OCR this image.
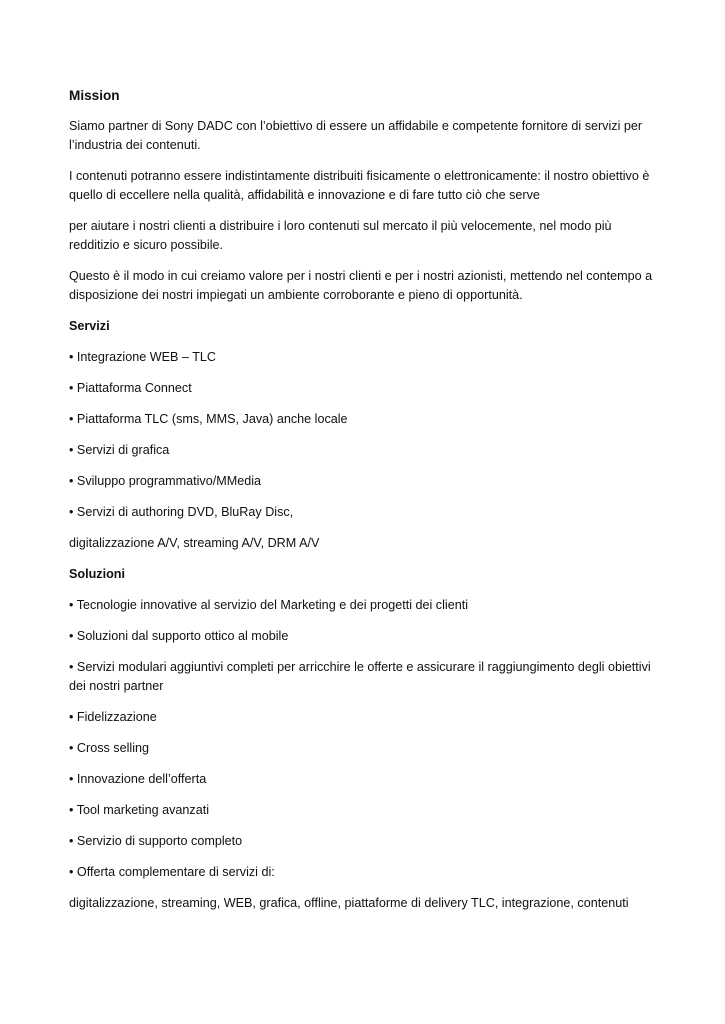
Mission

Siamo partner di Sony DADC con l’obiettivo di essere un affidabile e competente fornitore di servizi per l’industria dei contenuti.

I contenuti potranno essere indistintamente distribuiti fisicamente o elettronicamente: il nostro obiettivo è quello di eccellere nella qualità, affidabilità e innovazione e di fare tutto ciò che serve

per aiutare i nostri clienti a distribuire i loro contenuti sul mercato il più velocemente, nel modo più redditizio e sicuro possibile.

Questo è il modo in cui creiamo valore per i nostri clienti e per i nostri azionisti, mettendo nel contempo a disposizione dei nostri impiegati un ambiente corroborante e pieno di opportunità.

Servizi

• Integrazione WEB – TLC

• Piattaforma Connect

• Piattaforma TLC (sms, MMS, Java) anche locale

• Servizi di grafica

• Sviluppo programmativo/MMedia

• Servizi di authoring DVD, BluRay Disc,

digitalizzazione A/V, streaming A/V, DRM A/V

Soluzioni

• Tecnologie innovative al servizio del Marketing e dei progetti dei clienti

• Soluzioni dal supporto ottico al mobile

• Servizi modulari aggiuntivi completi per arricchire le offerte e assicurare il raggiungimento degli obiettivi dei nostri partner

• Fidelizzazione

• Cross selling

• Innovazione dell’offerta

• Tool marketing avanzati

• Servizio di supporto completo

• Offerta complementare di servizi di:

digitalizzazione, streaming, WEB, grafica, offline, piattaforme di delivery TLC, integrazione, contenuti
